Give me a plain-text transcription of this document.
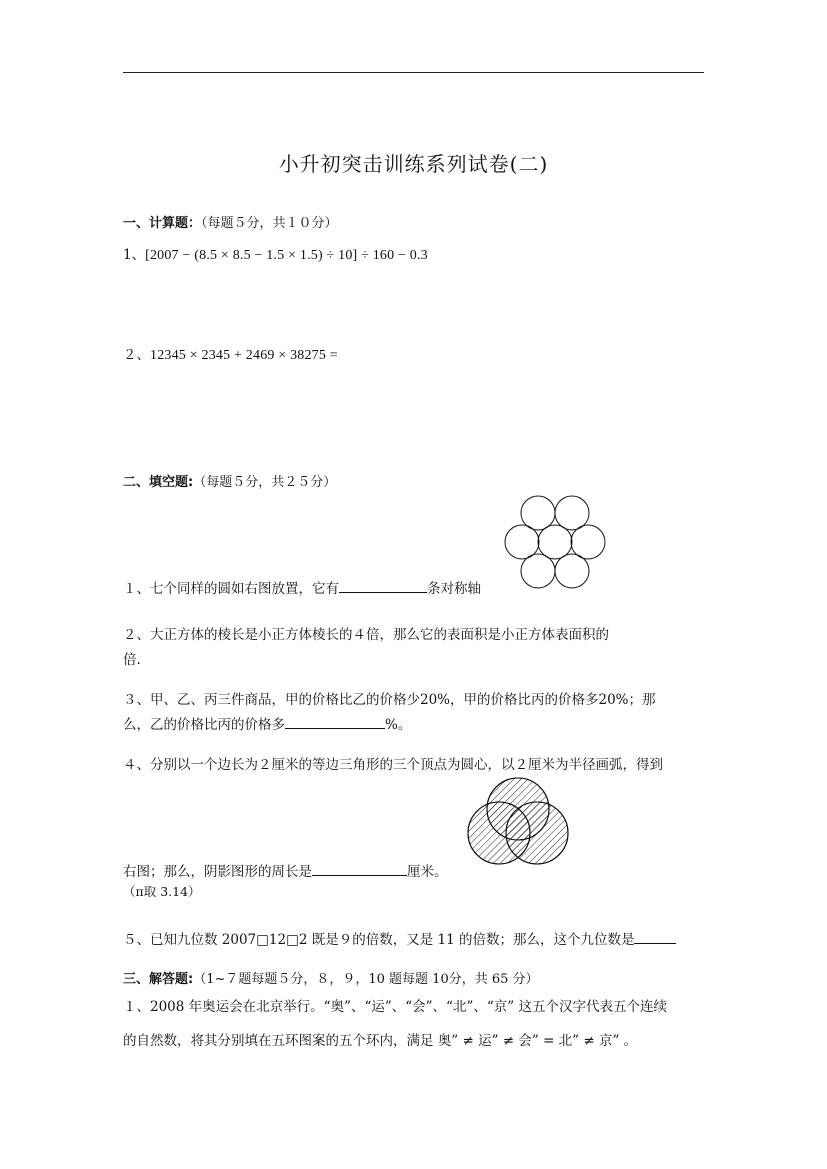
小升初突击训练系列试卷(二)
一、计算题：（每题５分，共１０分）
1、[2007 − (8.5 × 8.5 − 1.5 × 1.5) ÷ 10] ÷ 160 − 0.3
２、12345 × 2345 + 2469 × 38275 =
二、填空题:（每题５分，共２５分）
１、七个同样的圆如右图放置，它有	条对称轴
２、大正方体的棱长是小正方体棱长的４倍，那么它的表面积是小正方体表面积的
倍.
３、甲、乙、丙三件商品，甲的价格比乙的价格少20%，甲的价格比丙的价格多20%；那
么，乙的价格比丙的价格多	%。
４、分别以一个边长为２厘米的等边三角形的三个顶点为圆心，以２厘米为半径画弧，得到
右图；那么，阴影图形的周长是	厘米。
（π取 3.14）
５、已知九位数 2007□12□2 既是９的倍数，又是 11 的倍数；那么，这个九位数是
三、解答题:（1~７题每题５分，８，９，10 题每题 10分，共 65 分）
１、2008 年奥运会在北京举行。“奥”、“运”、“会”、“北”、“京” 这五个汉字代表五个连续
的自然数，将其分别填在五环图案的五个环内，满足 奥” ≠ 运” ≠ 会” = 北” ≠ 京” 。
